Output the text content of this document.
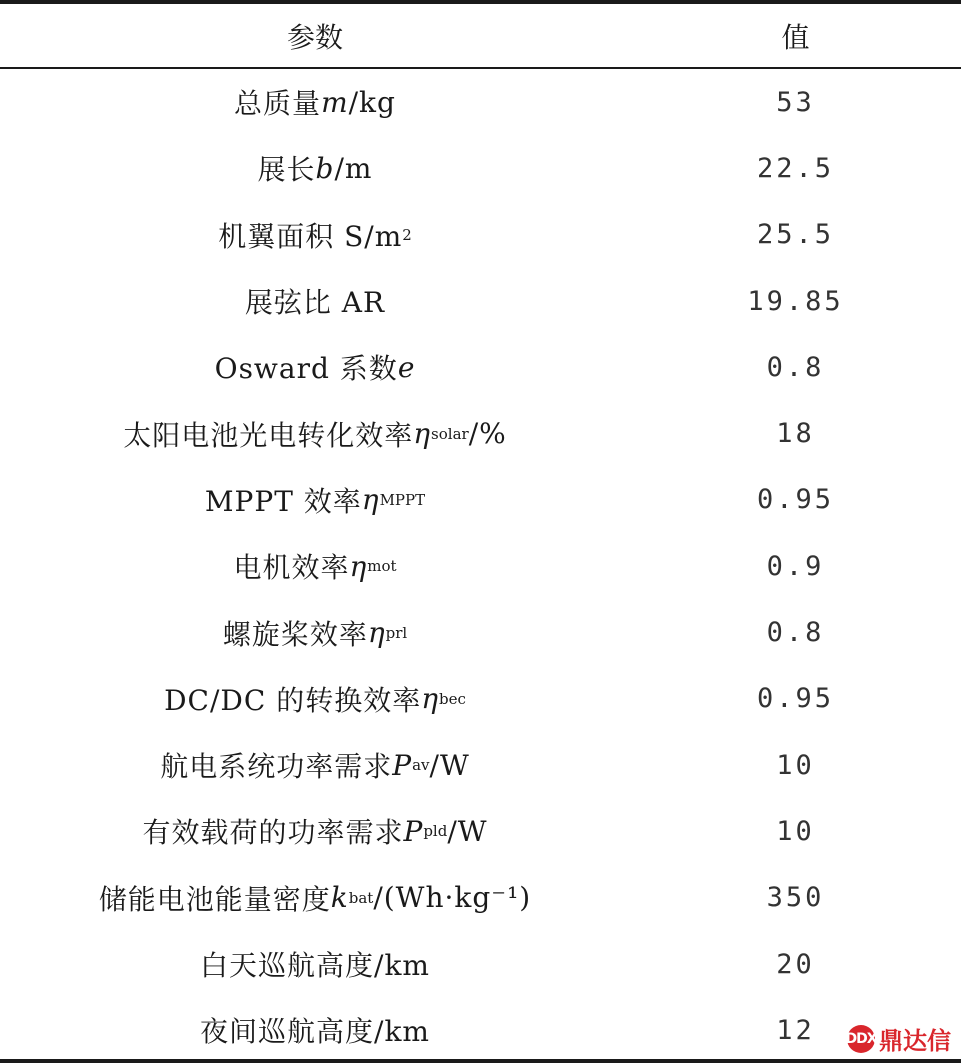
参数	值
总质量 m /kg	53
展长 b /m	22.5
机翼面积 S/m 2	25.5
展弦比 AR	19.85
Osward 系数 e	0.8
太阳电池光电转化效率 η solar /%	18
MPPT 效率 η MPPT	0.95
电机效率 η mot	0.9
螺旋桨效率 η prl	0.8
DC/DC 的转换效率 η bec	0.95
航电系统功率需求 P av /W	10
有效载荷的功率需求 P pld /W	10
储能电池能量密度 k bat /(Wh·kg⁻¹)	350
白天巡航高度/km	20
夜间巡航高度/km	12	DDX 鼎达信
